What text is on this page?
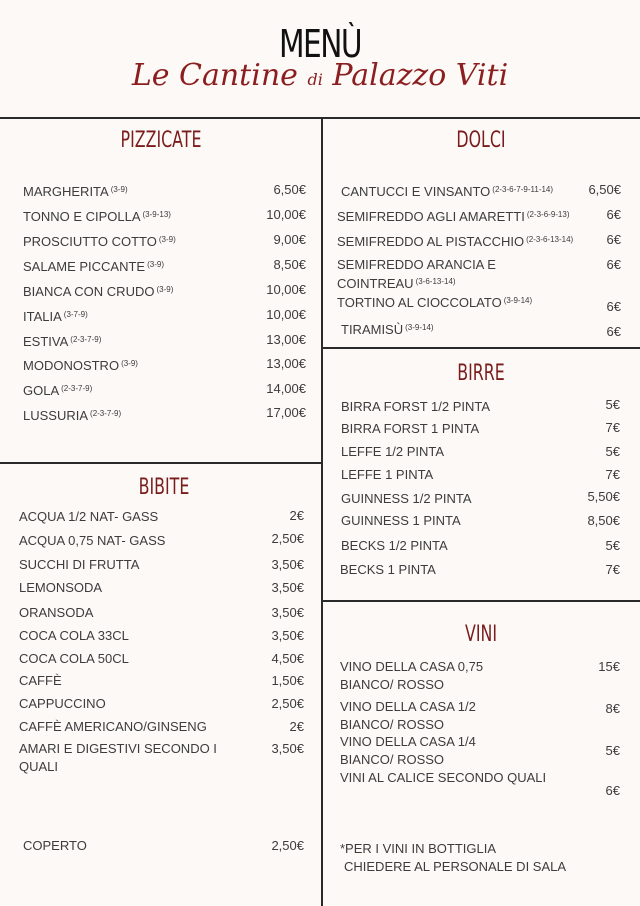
MENÙ
Le Cantine di Palazzo Viti
PIZZICATE
MARGHERITA $^{(3-9)}$	6,50€
TONNO E CIPOLLA $^{(3-9-13)}$	10,00€
PROSCIUTTO COTTO $^{(3-9)}$	9,00€
SALAME PICCANTE $^{(3-9)}$	8,50€
BIANCA CON CRUDO $^{(3-9)}$	10,00€
ITALIA $^{(3-7-9)}$	10,00€
ESTIVA $^{(2-3-7-9)}$	13,00€
MODONOSTRO $^{(3-9)}$	13,00€
GOLA $^{(2-3-7-9)}$	14,00€
LUSSURIA $^{(2-3-7-9)}$	17,00€
BIBITE
ACQUA 1/2 NAT- GASS	2€
ACQUA 0,75 NAT- GASS	2,50€
SUCCHI DI FRUTTA	3,50€
LEMONSODA	3,50€
ORANSODA	3,50€
COCA COLA 33CL	3,50€
COCA COLA 50CL	4,50€
CAFFÈ	1,50€
CAPPUCCINO	2,50€
CAFFÈ AMERICANO/GINSENG	2€
AMARI E DIGESTIVI SECONDO I
QUALI
3,50€
COPERTO	2,50€
DOLCI
CANTUCCI E VINSANTO $^{(2-3-6-7-9-11-14)}$	6,50€
SEMIFREDDO AGLI AMARETTI $^{(2-3-6-9-13)}$	6€
SEMIFREDDO AL PISTACCHIO $^{(2-3-6-13-14)}$	6€
SEMIFREDDO ARANCIA E
COINTREAU $^{(3-6-13-14)}$
6€
TORTINO AL CIOCCOLATO $^{(3-9-14)}$	6€
TIRAMISÙ $^{(3-9-14)}$	6€
BIRRE
BIRRA FORST 1/2 PINTA	5€
BIRRA FORST 1 PINTA	7€
LEFFE 1/2 PINTA	5€
LEFFE 1 PINTA	7€
GUINNESS 1/2 PINTA	5,50€
GUINNESS 1 PINTA	8,50€
BECKS 1/2 PINTA	5€
BECKS 1 PINTA	7€
VINI
VINO DELLA CASA 0,75
BIANCO/ ROSSO
15€
VINO DELLA CASA 1/2
BIANCO/ ROSSO
8€
VINO DELLA CASA 1/4
BIANCO/ ROSSO
5€
VINI AL CALICE SECONDO QUALI
6€
*PER I VINI IN BOTTIGLIA
CHIEDERE AL PERSONALE DI SALA
